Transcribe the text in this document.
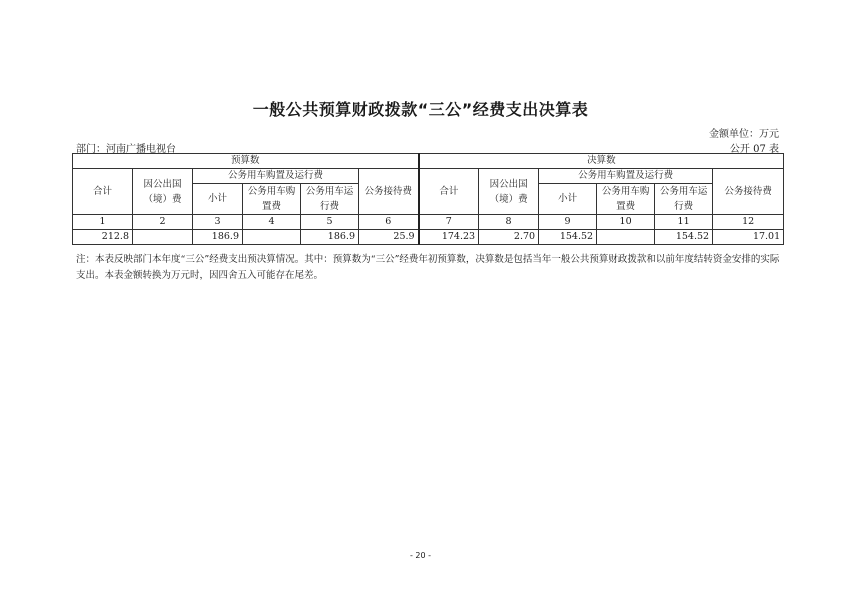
一般公共预算财政拨款“三公”经费支出决算表
金额单位：万元
部门：河南广播电视台	公开 07 表
预算数						决算数					
合计	因公出国（境）费	公务用车购置及运行费			公务接待费	合计	因公出国（境）费	公务用车购置及运行费			公务接待费
		小计	公务用车购置费	公务用车运行费				小计	公务用车购置费	公务用车运行费	
1	2	3	4	5	6	7	8	9	10	11	12
212.8		186.9		186.9	25.9	174.23	2.70	154.52		154.52	17.01
注：本表反映部门本年度“三公”经费支出预决算情况。其中：预算数为“三公”经费年初预算数，决算数是包括当年一般公共预算财政拨款和以前年度结转资金安排的实际支出。本表金额转换为万元时，因四舍五入可能存在尾差。
- 20 -
